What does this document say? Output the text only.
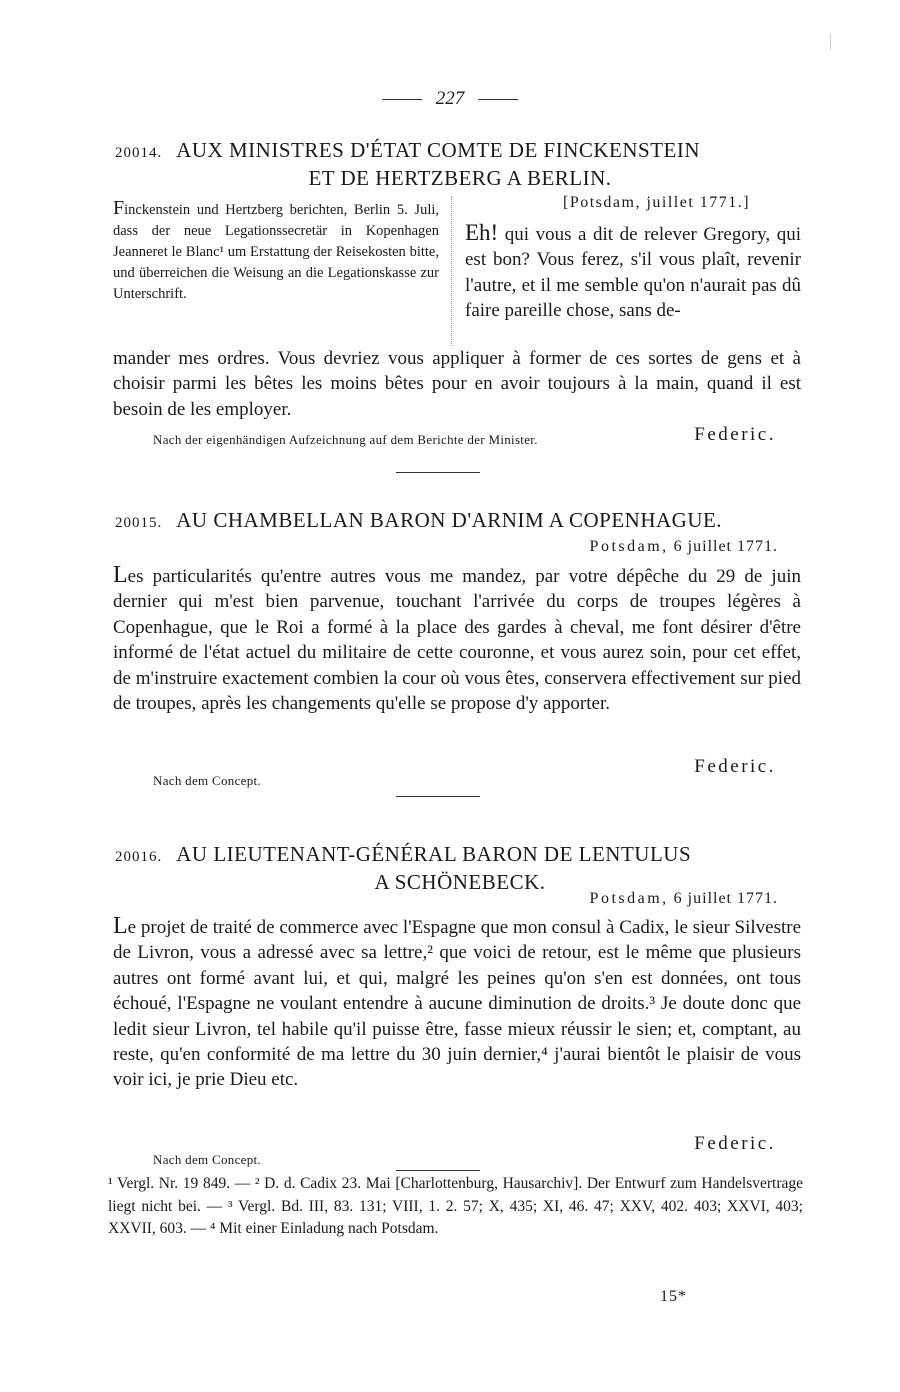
227
20014. AUX MINISTRES D'ÉTAT COMTE DE FINCKENSTEIN
ET DE HERTZBERG A BERLIN.
Finckenstein und Hertzberg berichten, Berlin 5. Juli, dass der neue Legationssecretär in Kopenhagen Jeanneret le Blanc¹ um Erstattung der Reisekosten bitte, und überreichen die Weisung an die Legationskasse zur Unterschrift.
[Potsdam, juillet 1771.]
Eh! qui vous a dit de relever Gregory, qui est bon? Vous ferez, s'il vous plaît, revenir l'autre, et il me semble qu'on n'aurait pas dû faire pareille chose, sans de-
mander mes ordres. Vous devriez vous appliquer à former de ces sortes de gens et à choisir parmi les bêtes les moins bêtes pour en avoir toujours à la main, quand il est besoin de les employer.
Nach der eigenhändigen Aufzeichnung auf dem Berichte der Minister.	Federic.
20015. AU CHAMBELLAN BARON D'ARNIM A COPENHAGUE.
Potsdam, 6 juillet 1771.
Les particularités qu'entre autres vous me mandez, par votre dépêche du 29 de juin dernier qui m'est bien parvenue, touchant l'arrivée du corps de troupes légères à Copenhague, que le Roi a formé à la place des gardes à cheval, me font désirer d'être informé de l'état actuel du militaire de cette couronne, et vous aurez soin, pour cet effet, de m'instruire exactement combien la cour où vous êtes, conservera effectivement sur pied de troupes, après les changements qu'elle se propose d'y apporter.
Nach dem Concept.
Federic.
20016. AU LIEUTENANT-GÉNÉRAL BARON DE LENTULUS
A SCHÖNEBECK.
Potsdam, 6 juillet 1771.
Le projet de traité de commerce avec l'Espagne que mon consul à Cadix, le sieur Silvestre de Livron, vous a adressé avec sa lettre,² que voici de retour, est le même que plusieurs autres ont formé avant lui, et qui, malgré les peines qu'on s'en est données, ont tous échoué, l'Espagne ne voulant entendre à aucune diminution de droits.³ Je doute donc que ledit sieur Livron, tel habile qu'il puisse être, fasse mieux réussir le sien; et, comptant, au reste, qu'en conformité de ma lettre du 30 juin dernier,⁴ j'aurai bientôt le plaisir de vous voir ici, je prie Dieu etc.
Nach dem Concept.
Federic.
¹ Vergl. Nr. 19 849. — ² D. d. Cadix 23. Mai [Charlottenburg, Hausarchiv]. Der Entwurf zum Handelsvertrage liegt nicht bei. — ³ Vergl. Bd. III, 83. 131; VIII, 1. 2. 57; X, 435; XI, 46. 47; XXV, 402. 403; XXVI, 403; XXVII, 603. — ⁴ Mit einer Einladung nach Potsdam.
15*
